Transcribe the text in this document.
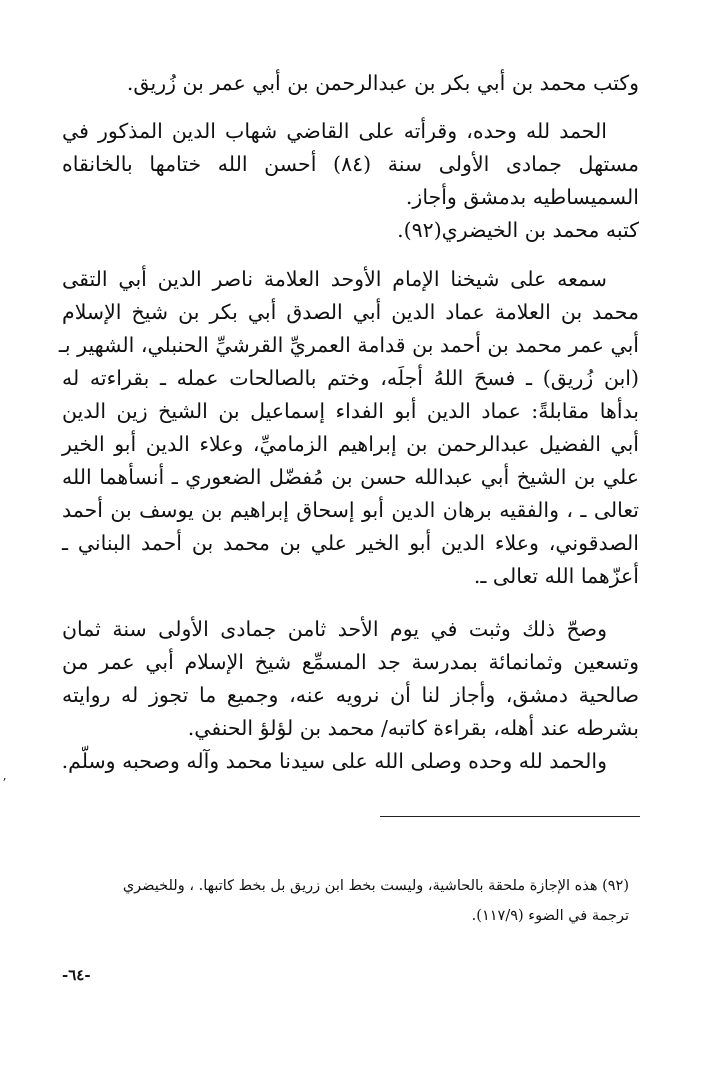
وكتب محمد بن أبي بكر بن عبدالرحمن بن أبي عمر بن زُريق.
الحمد لله وحده، وقرأته على القاضي شهاب الدين المذكور في
مستهل جمادى الأولى سنة (٨٤) أحسن الله ختامها بالخانقاه
السميساطيه بدمشق وأجاز.
كتبه محمد بن الخيضري(٩٢).
سمعه على شيخنا الإمام الأوحد العلامة ناصر الدين أبي التقى
محمد بن العلامة عماد الدين أبي الصدق أبي بكر بن شيخ الإسلام
أبي عمر محمد بن أحمد بن قدامة العمريِّ القرشيِّ الحنبلي، الشهير بـ
(ابن زُريق) ـ فسحَ اللهُ أجلَه، وختم بالصالحات عمله ـ بقراءته له
بدأها مقابلةً: عماد الدين أبو الفداء إسماعيل بن الشيخ زين الدين
أبي الفضيل عبدالرحمن بن إبراهيم الزماميِّ، وعلاء الدين أبو الخير
علي بن الشيخ أبي عبدالله حسن بن مُفضّل الضعوري ـ أنسأهما الله
تعالى ـ ، والفقيه برهان الدين أبو إسحاق إبراهيم بن يوسف بن أحمد
الصدقوني، وعلاء الدين أبو الخير علي بن محمد بن أحمد البناني ـ
أعزّهما الله تعالى ـ.
وصحّ ذلك وثبت في يوم الأحد ثامن جمادى الأولى سنة ثمان
وتسعين وثمانمائة بمدرسة جد المسمِّع شيخ الإسلام أبي عمر من
صالحية دمشق، وأجاز لنا أن نرويه عنه، وجميع ما تجوز له روايته
بشرطه عند أهله، بقراءة كاتبه/ محمد بن لؤلؤ الحنفي.
والحمد لله وحده وصلى الله على سيدنا محمد وآله وصحبه وسلّم.
ʼ
(٩٢) هذه الإجازة ملحقة بالحاشية، وليست بخط ابن زريق بل بخط كاتبها. ، وللخيضري
ترجمة في الضوء (١١٧/٩).
-٦٤-
